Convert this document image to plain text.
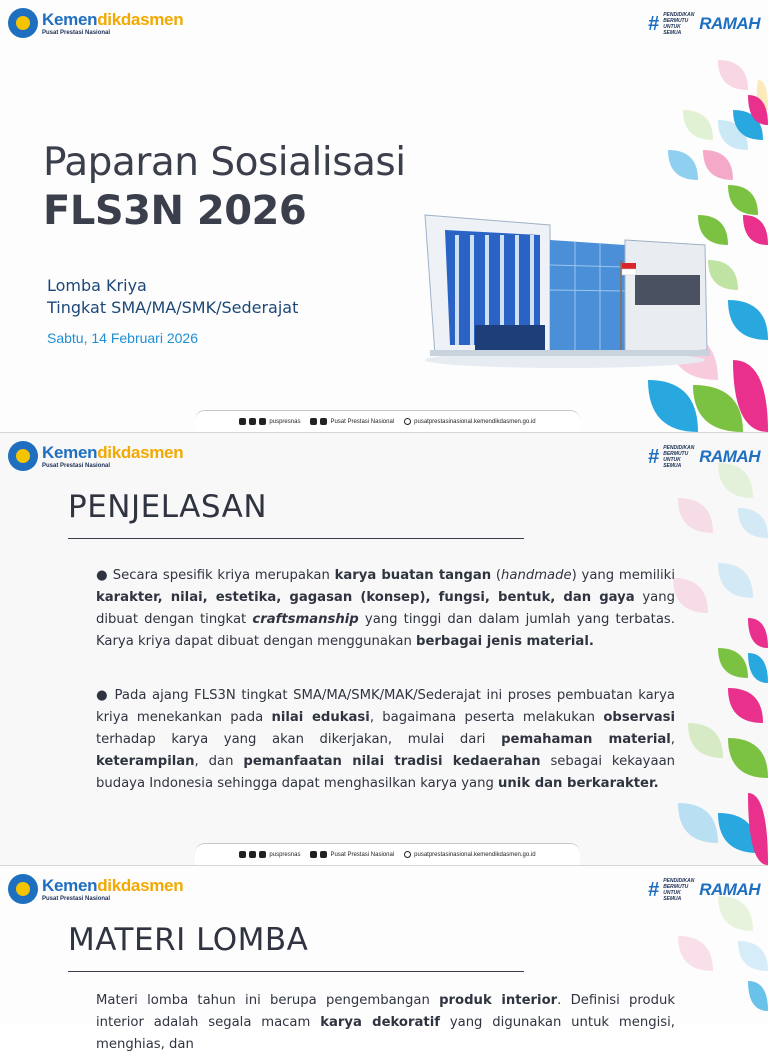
Kemendikdasmen
Pusat Prestasi Nasional	# PENDIDIKAN BERMUTU UNTUK SEMUA	RAMAH
Paparan Sosialisasi
FLS3N 2026
Lomba Kriya
Tingkat SMA/MA/SMK/Sederajat
Sabtu, 14 Februari 2026
puspresnas	Pusat Prestasi Nasional	pusatprestasinasional.kemendikdasmen.go.id
Kemendikdasmen
Pusat Prestasi Nasional	# PENDIDIKAN BERMUTU UNTUK SEMUA	RAMAH
PENJELASAN

● Secara spesifik kriya merupakan karya buatan tangan (handmade) yang memiliki karakter, nilai, estetika, gagasan (konsep), fungsi, bentuk, dan gaya yang dibuat dengan tingkat craftsmanship yang tinggi dan dalam jumlah yang terbatas. Karya kriya dapat dibuat dengan menggunakan berbagai jenis material.

● Pada ajang FLS3N tingkat SMA/MA/SMK/MAK/Sederajat ini proses pembuatan karya kriya menekankan pada nilai edukasi, bagaimana peserta melakukan observasi terhadap karya yang akan dikerjakan, mulai dari pemahaman material, keterampilan, dan pemanfaatan nilai tradisi kedaerahan sebagai kekayaan budaya Indonesia sehingga dapat menghasilkan karya yang unik dan berkarakter.

puspresnas	Pusat Prestasi Nasional	pusatprestasinasional.kemendikdasmen.go.id
Kemendikdasmen
Pusat Prestasi Nasional	# PENDIDIKAN BERMUTU UNTUK SEMUA	RAMAH
MATERI LOMBA

Materi lomba tahun ini berupa pengembangan produk interior. Definisi produk interior adalah segala macam karya dekoratif yang digunakan untuk mengisi, menghias, dan
